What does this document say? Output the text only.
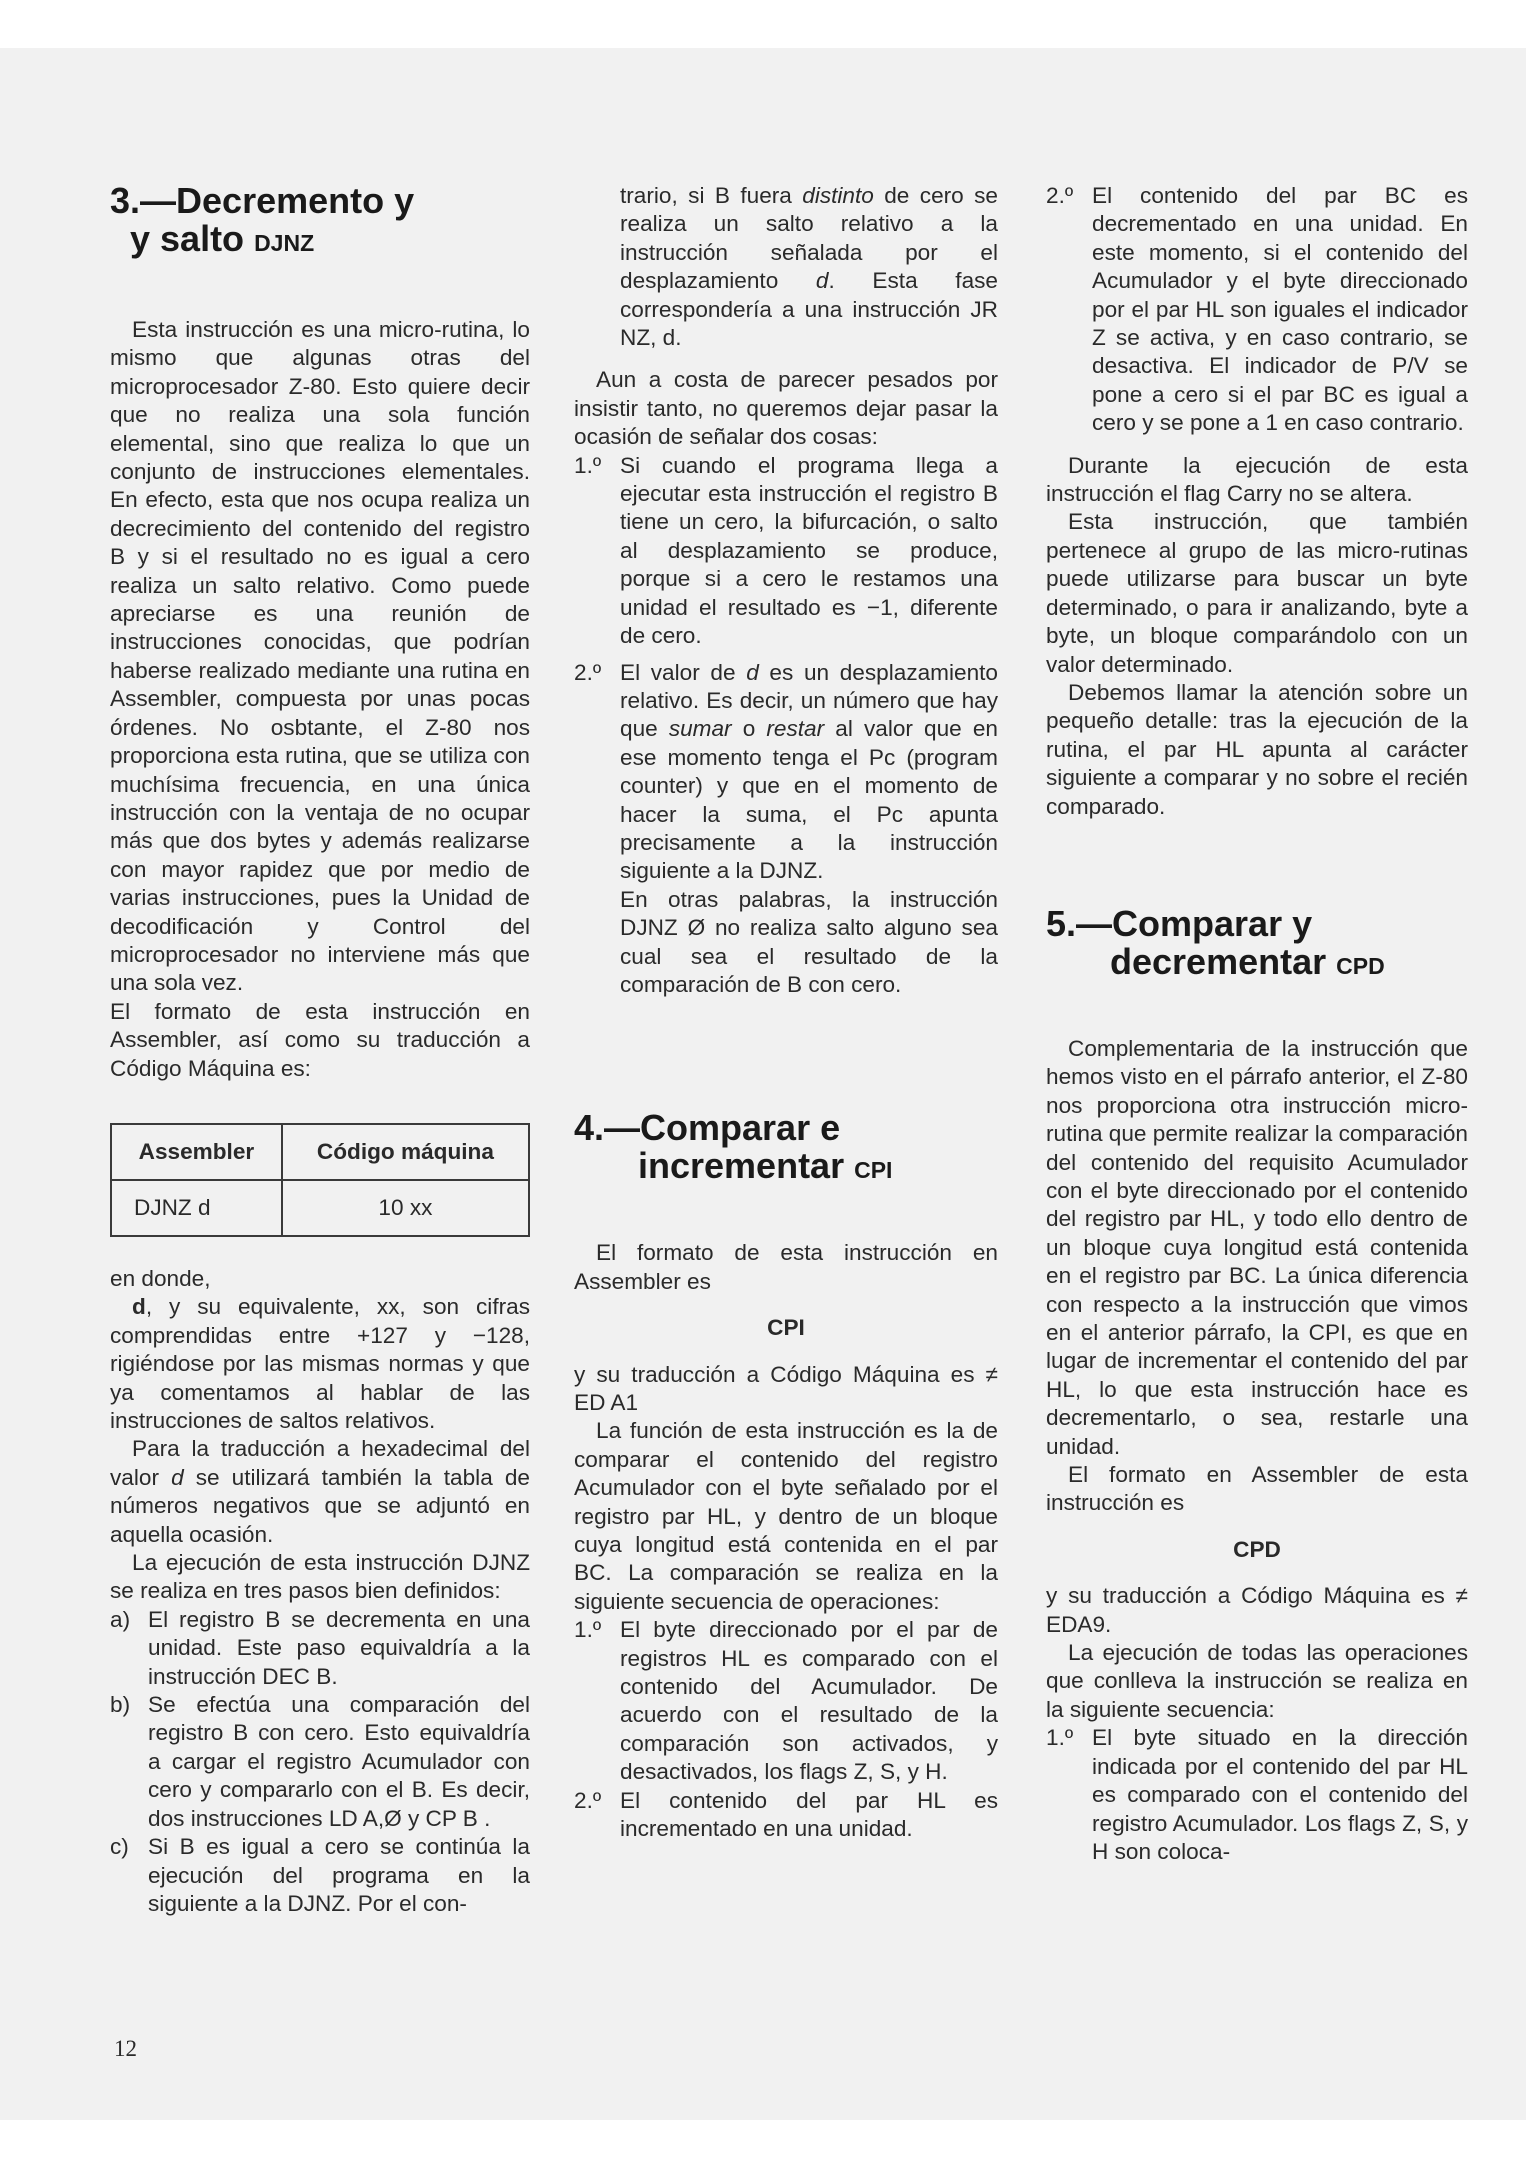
3.—Decremento y
y salto DJNZ

Esta instrucción es una micro-rutina, lo mismo que algunas otras del microprocesador Z-80. Esto quiere decir que no realiza una sola función elemental, sino que realiza lo que un conjunto de instrucciones elementales. En efecto, esta que nos ocupa realiza un decrecimiento del contenido del registro B y si el resultado no es igual a cero realiza un salto relativo. Como puede apreciarse es una reunión de instrucciones conocidas, que podrían haberse realizado mediante una rutina en Assembler, compuesta por unas pocas órdenes. No osbtante, el Z-80 nos proporciona esta rutina, que se utiliza con muchísima frecuencia, en una única instrucción con la ventaja de no ocupar más que dos bytes y además realizarse con mayor rapidez que por medio de varias instrucciones, pues la Unidad de decodificación y Control del microprocesador no interviene más que una sola vez.

El formato de esta instrucción en Assembler, así como su traducción a Código Máquina es:

Assembler	Código máquina
DJNZ d	10 xx

en donde,

d, y su equivalente, xx, son cifras comprendidas entre +127 y −128, rigiéndose por las mismas normas y que ya comentamos al hablar de las instrucciones de saltos relativos.

Para la traducción a hexadecimal del valor d se utilizará también la tabla de números negativos que se adjuntó en aquella ocasión.

La ejecución de esta instrucción DJNZ se realiza en tres pasos bien definidos:

a) El registro B se decrementa en una unidad. Este paso equivaldría a la instrucción DEC B.
b) Se efectúa una comparación del registro B con cero. Esto equivaldría a cargar el registro Acumulador con cero y compararlo con el B. Es decir, dos instrucciones LD A,Ø y CP B .
c) Si B es igual a cero se continúa la ejecución del programa en la siguiente a la DJNZ. Por el con-
trario, si B fuera distinto de cero se realiza un salto relativo a la instrucción señalada por el desplazamiento d. Esta fase correspondería a una instrucción JR NZ, d.

Aun a costa de parecer pesados por insistir tanto, no queremos dejar pasar la ocasión de señalar dos cosas:

1.º Si cuando el programa llega a ejecutar esta instrucción el registro B tiene un cero, la bifurcación, o salto al desplazamiento se produce, porque si a cero le restamos una unidad el resultado es −1, diferente de cero.
2.º El valor de d es un desplazamiento relativo. Es decir, un número que hay que sumar o restar al valor que en ese momento tenga el Pc (program counter) y que en el momento de hacer la suma, el Pc apunta precisamente a la instrucción siguiente a la DJNZ.
En otras palabras, la instrucción DJNZ Ø no realiza salto alguno sea cual sea el resultado de la comparación de B con cero.
4.—Comparar e
incrementar CPI

El formato de esta instrucción en Assembler es

CPI

y su traducción a Código Máquina es ≠ ED A1

La función de esta instrucción es la de comparar el contenido del registro Acumulador con el byte señalado por el registro par HL, y dentro de un bloque cuya longitud está contenida en el par BC. La comparación se realiza en la siguiente secuencia de operaciones:

1.º El byte direccionado por el par de registros HL es comparado con el contenido del Acumulador. De acuerdo con el resultado de la comparación son activados, y desactivados, los flags Z, S, y H.
2.º El contenido del par HL es incrementado en una unidad.
2.º El contenido del par BC es decrementado en una unidad. En este momento, si el contenido del Acumulador y el byte direccionado por el par HL son iguales el indicador Z se activa, y en caso contrario, se desactiva. El indicador de P/V se pone a cero si el par BC es igual a cero y se pone a 1 en caso contrario.

Durante la ejecución de esta instrucción el flag Carry no se altera.

Esta instrucción, que también pertenece al grupo de las micro-rutinas puede utilizarse para buscar un byte determinado, o para ir analizando, byte a byte, un bloque comparándolo con un valor determinado.

Debemos llamar la atención sobre un pequeño detalle: tras la ejecución de la rutina, el par HL apunta al carácter siguiente a comparar y no sobre el recién comparado.

5.—Comparar y
decrementar CPD

Complementaria de la instrucción que hemos visto en el párrafo anterior, el Z-80 nos proporciona otra instrucción micro-rutina que permite realizar la comparación del contenido del requisito Acumulador con el byte direccionado por el contenido del registro par HL, y todo ello dentro de un bloque cuya longitud está contenida en el registro par BC. La única diferencia con respecto a la instrucción que vimos en el anterior párrafo, la CPI, es que en lugar de incrementar el contenido del par HL, lo que esta instrucción hace es decrementarlo, o sea, restarle una unidad.

El formato en Assembler de esta instrucción es

CPD

y su traducción a Código Máquina es ≠ EDA9.

La ejecución de todas las operaciones que conlleva la instrucción se realiza en la siguiente secuencia:

1.º El byte situado en la dirección indicada por el contenido del par HL es comparado con el contenido del registro Acumulador. Los flags Z, S, y H son coloca-
12
